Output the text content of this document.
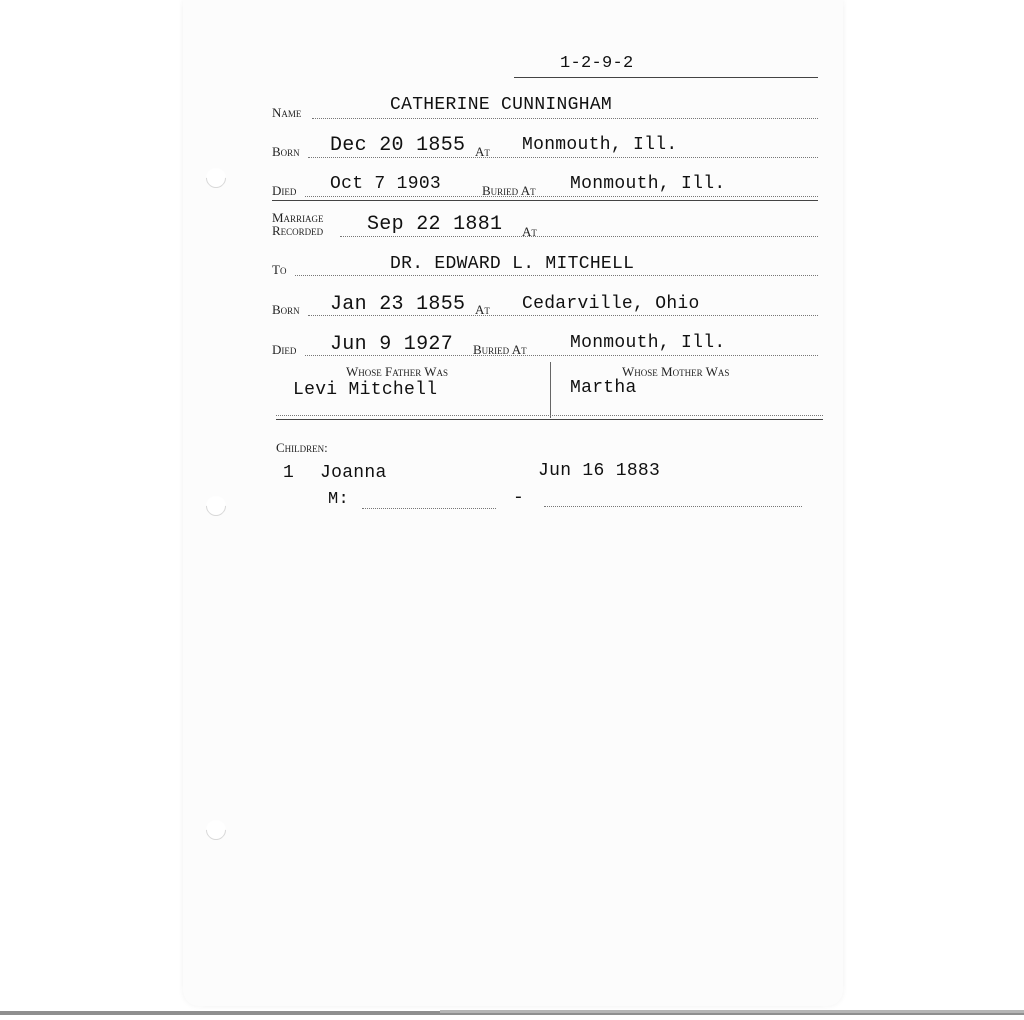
1-2-9-2
Name	CATHERINE CUNNINGHAM
Born Dec 20 1855 At Monmouth, Ill.
Died Oct 7 1903	Buried At Monmouth, Ill.
Marriage
Recorded Sep 22 1881 At
To	DR. EDWARD L. MITCHELL
Born Jan 23 1855 At Cedarville, Ohio
Died Jun 9 1927 Buried At Monmouth, Ill.
Whose Father Was
Levi Mitchell
Whose Mother Was
Martha
Children:
1 Joanna	Jun 16 1883
M:	-
